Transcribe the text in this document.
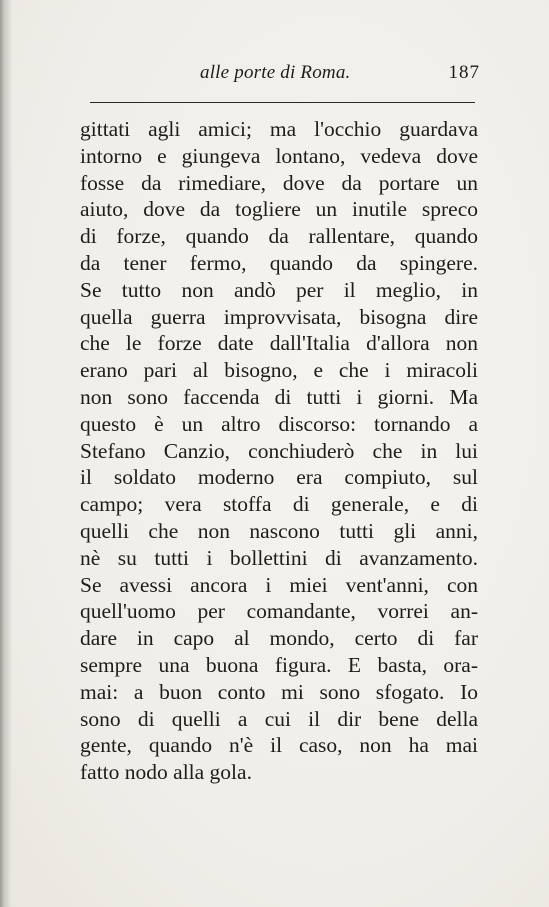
alle porte di Roma.	187
gittati agli amici; ma l'occhio guardava
intorno e giungeva lontano, vedeva dove
fosse da rimediare, dove da portare un
aiuto, dove da togliere un inutile spreco
di forze, quando da rallentare, quando
da tener fermo, quando da spingere.
Se tutto non andò per il meglio, in
quella guerra improvvisata, bisogna dire
che le forze date dall'Italia d'allora non
erano pari al bisogno, e che i miracoli
non sono faccenda di tutti i giorni. Ma
questo è un altro discorso: tornando a
Stefano Canzio, conchiuderò che in lui
il soldato moderno era compiuto, sul
campo; vera stoffa di generale, e di
quelli che non nascono tutti gli anni,
nè su tutti i bollettini di avanzamento.
Se avessi ancora i miei vent'anni, con
quell'uomo per comandante, vorrei an-
dare in capo al mondo, certo di far
sempre una buona figura. E basta, ora-
mai: a buon conto mi sono sfogato. Io
sono di quelli a cui il dir bene della
gente, quando n'è il caso, non ha mai
fatto nodo alla gola.
